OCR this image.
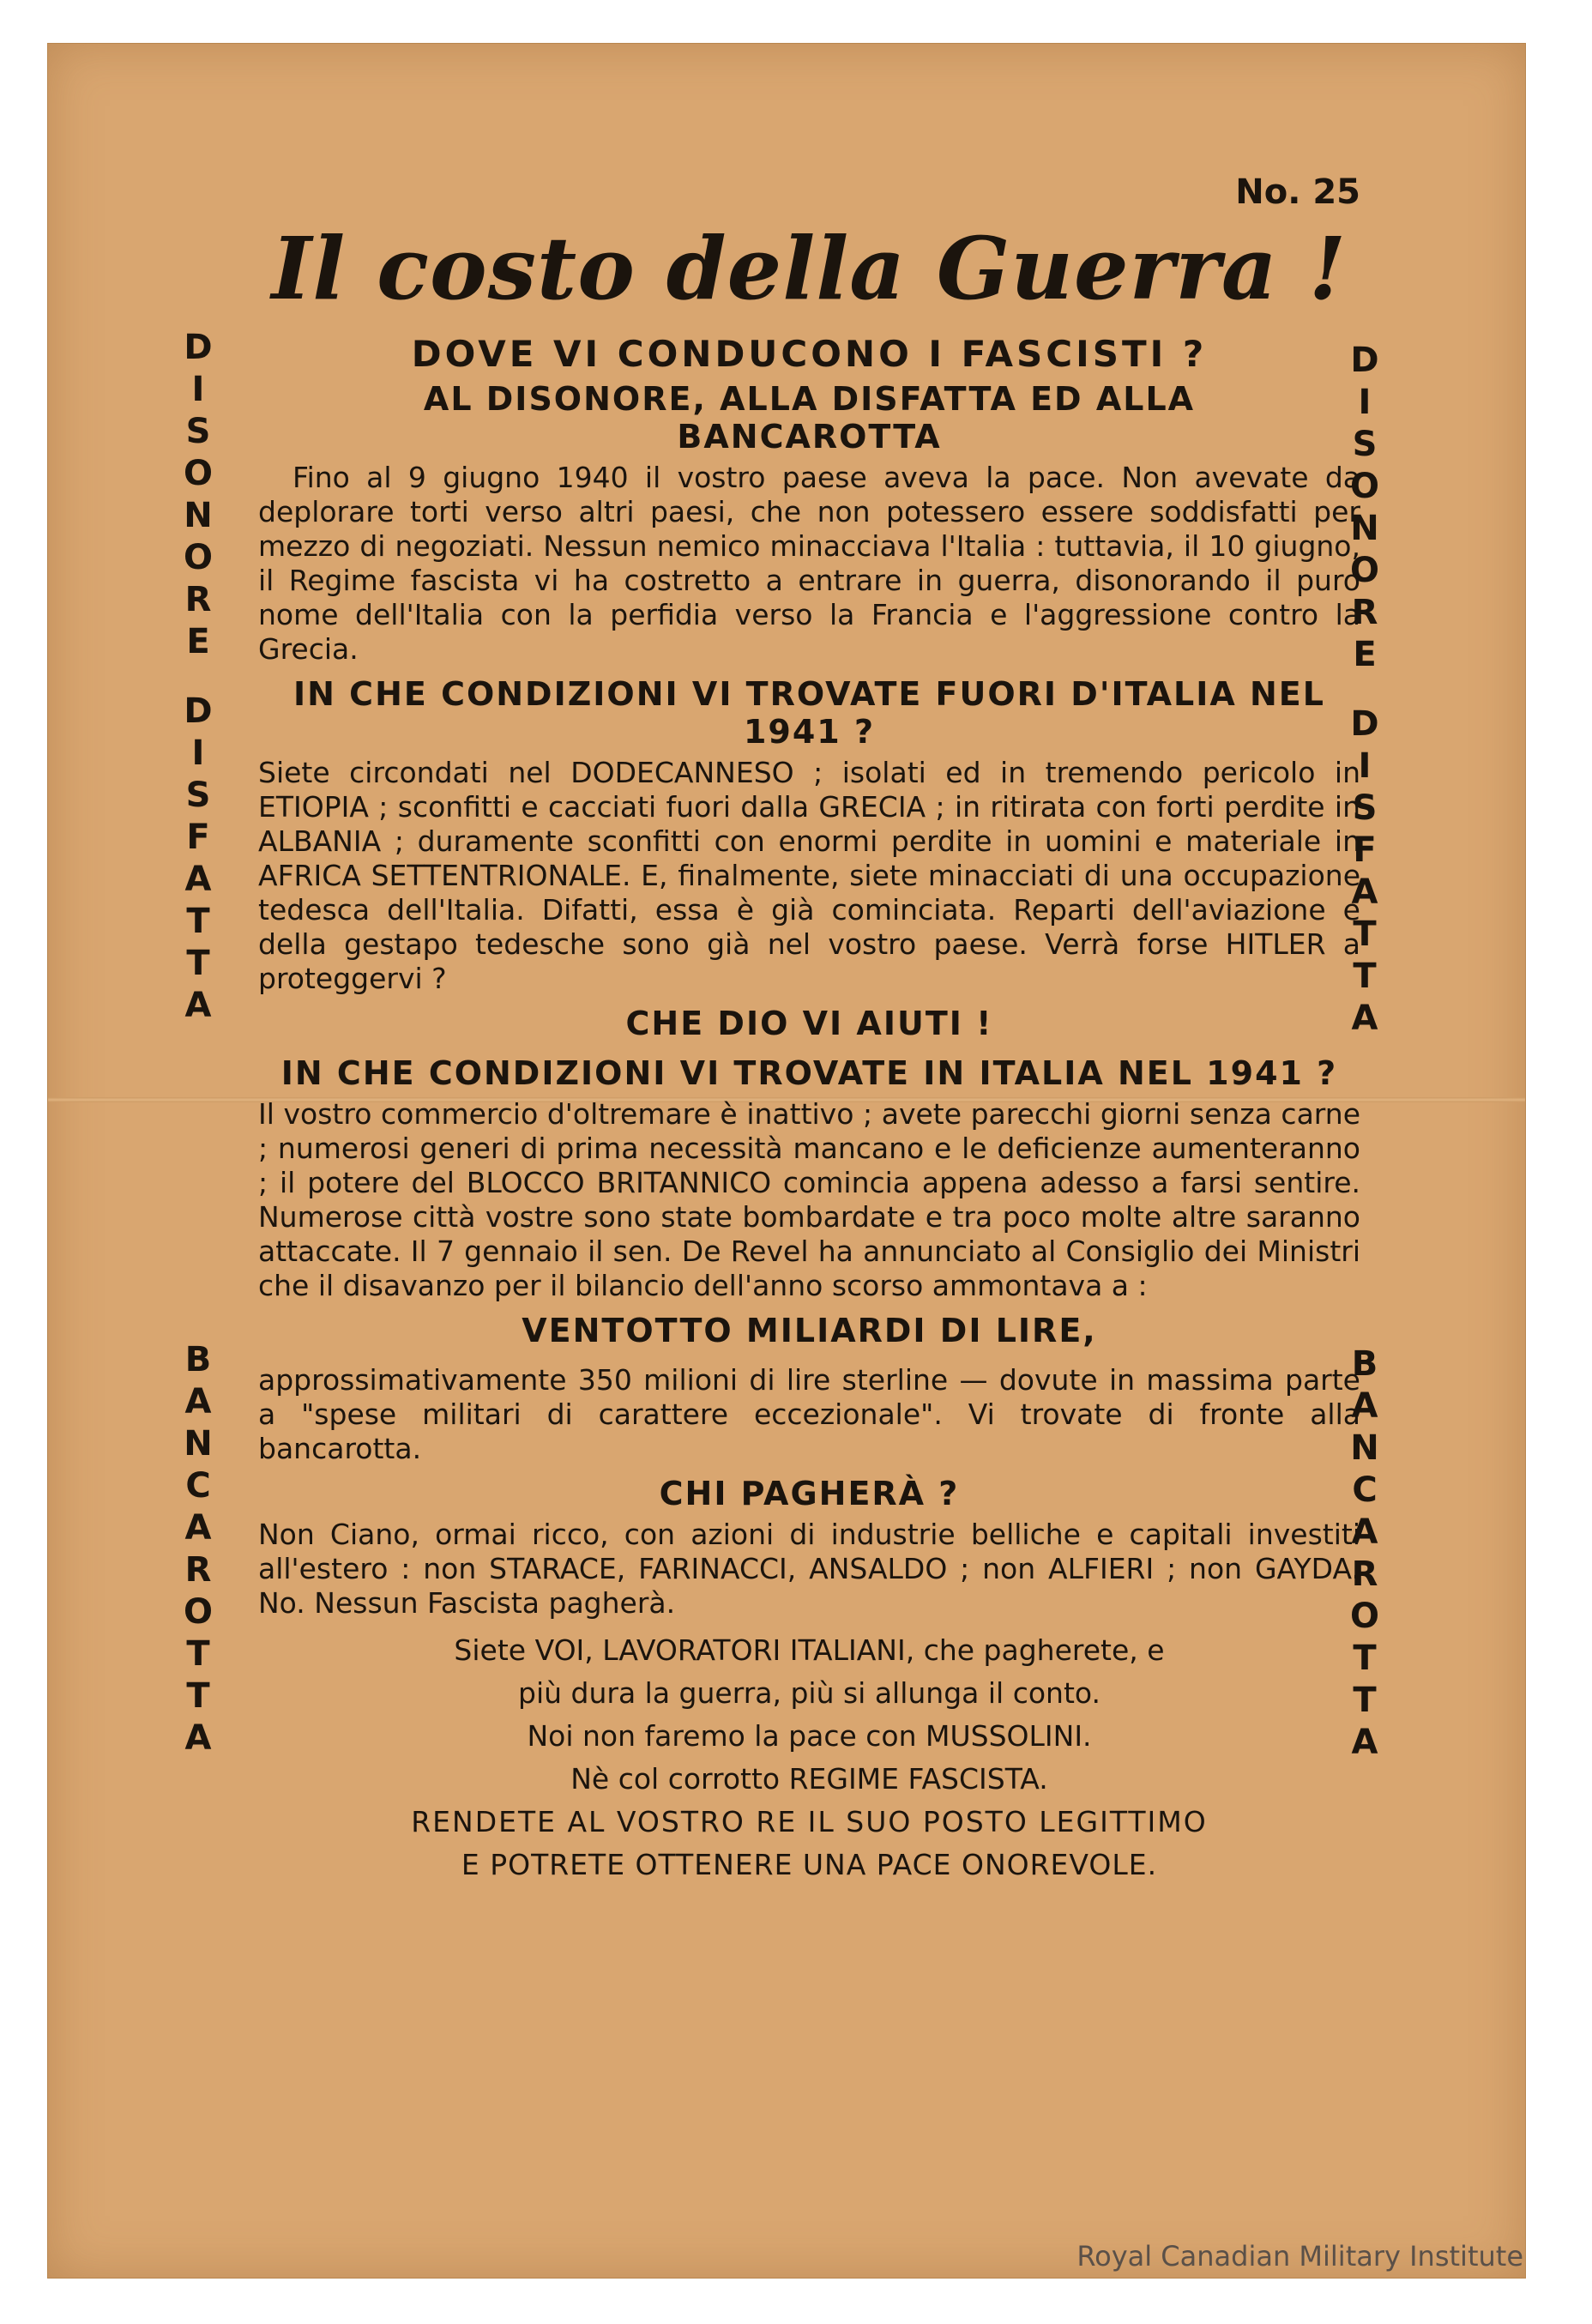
D
I
S
O
N
O
R
E
D
I
S
F
A
T
T
A
B
A
N
C
A
R
O
T
T
A
D
I
S
O
N
O
R
E
D
I
S
F
A
T
T
A
B
A
N
C
A
R
O
T
T
A
No. 25
Il costo della Guerra !
DOVE VI CONDUCONO I FASCISTI ?
AL DISONORE, ALLA DISFATTA ED ALLA BANCAROTTA

Fino al 9 giugno 1940 il vostro paese aveva la pace. Non avevate da deplorare torti verso altri paesi, che non potessero essere soddisfatti per mezzo di negoziati. Nessun nemico minacciava l'Italia : tuttavia, il 10 giugno, il Regime fascista vi ha costretto a entrare in guerra, disonorando il puro nome dell'Italia con la perfidia verso la Francia e l'aggressione contro la Grecia.

IN CHE CONDIZIONI VI TROVATE FUORI D'ITALIA NEL 1941 ?

Siete circondati nel DODECANNESO ; isolati ed in tremendo pericolo in ETIOPIA ; sconfitti e cacciati fuori dalla GRECIA ; in ritirata con forti perdite in ALBANIA ; duramente sconfitti con enormi perdite in uomini e materiale in AFRICA SETTENTRIONALE. E, finalmente, siete minacciati di una occupazione tedesca dell'Italia. Difatti, essa è già cominciata. Reparti dell'aviazione e della gestapo tedesche sono già nel vostro paese. Verrà forse HITLER a proteggervi ?

CHE DIO VI AIUTI !
IN CHE CONDIZIONI VI TROVATE IN ITALIA NEL 1941 ?

Il vostro commercio d'oltremare è inattivo ; avete parecchi giorni senza carne ; numerosi generi di prima necessità mancano e le deficienze aumenteranno ; il potere del BLOCCO BRITANNICO comincia appena adesso a farsi sentire. Numerose città vostre sono state bombardate e tra poco molte altre saranno attaccate. Il 7 gennaio il sen. De Revel ha annunciato al Consiglio dei Ministri che il disavanzo per il bilancio dell'anno scorso ammontava a :

VENTOTTO MILIARDI DI LIRE,

approssimativamente 350 milioni di lire sterline — dovute in massima parte a "spese militari di carattere eccezionale". Vi trovate di fronte alla bancarotta.

CHI PAGHERÀ ?

Non Ciano, ormai ricco, con azioni di industrie belliche e capitali investiti all'estero : non STARACE, FARINACCI, ANSALDO ; non ALFIERI ; non GAYDA. No. Nessun Fascista pagherà.

Siete VOI, LAVORATORI ITALIANI, che pagherete, e

più dura la guerra, più si allunga il conto.

Noi non faremo la pace con MUSSOLINI.

Nè col corrotto REGIME FASCISTA.

RENDETE AL VOSTRO RE IL SUO POSTO LEGITTIMO

E POTRETE OTTENERE UNA PACE ONOREVOLE.

Royal Canadian Military Institute
